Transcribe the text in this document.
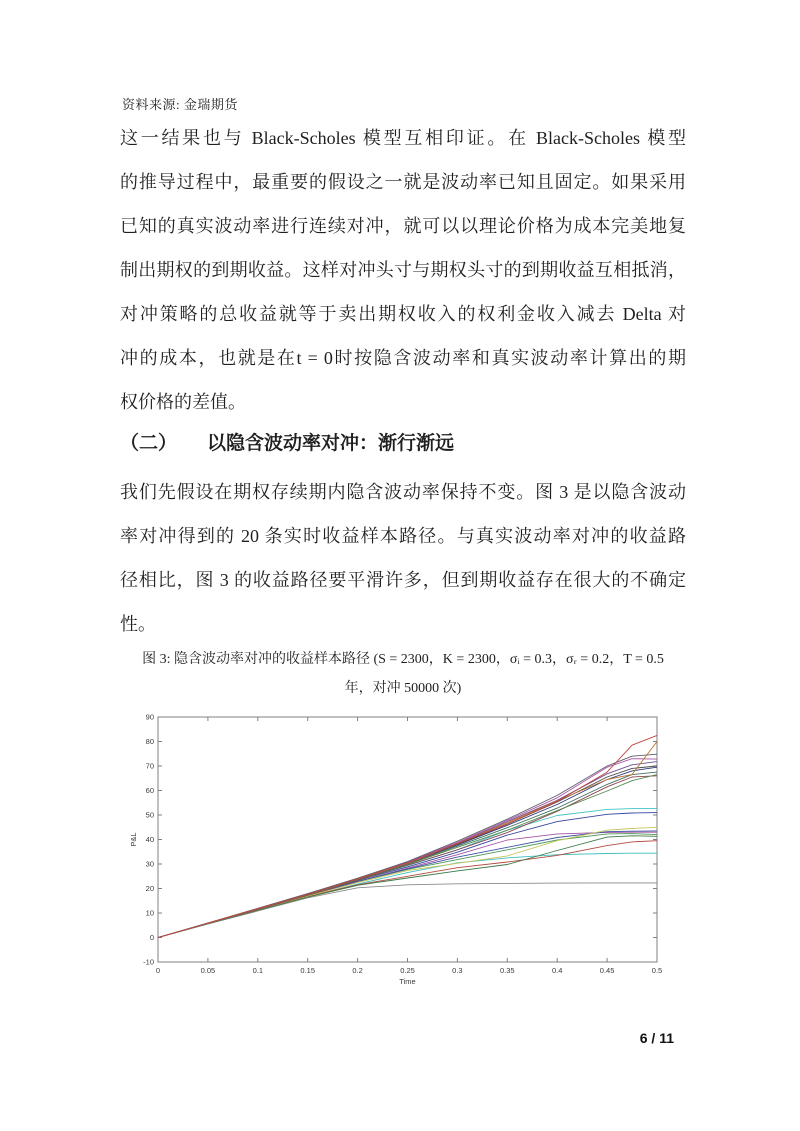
资料来源: 金瑞期货
这一结果也与 Black-Scholes 模型互相印证。在 Black-Scholes 模型
的推导过程中，最重要的假设之一就是波动率已知且固定。如果采用
已知的真实波动率进行连续对冲，就可以以理论价格为成本完美地复
制出期权的到期收益。这样对冲头寸与期权头寸的到期收益互相抵消，
对冲策略的总收益就等于卖出期权收入的权利金收入减去 Delta 对
冲的成本，也就是在t = 0时按隐含波动率和真实波动率计算出的期
权价格的差值。
（二） 以隐含波动率对冲：渐行渐远
我们先假设在期权存续期内隐含波动率保持不变。图 3 是以隐含波动
率对冲得到的 20 条实时收益样本路径。与真实波动率对冲的收益路
径相比，图 3 的收益路径要平滑许多，但到期收益存在很大的不确定
性。
图 3: 隐含波动率对冲的收益样本路径 (S = 2300，K = 2300，σᵢ = 0.3，σᵣ = 0.2，T = 0.5
年，对冲 50000 次)
0	0.05	0.1	0.15	0.2	0.25	0.3	0.35	0.4	0.45	0.5
-10
0
10
20
30
40
50
60
70
80
90
Time
P&L
6 / 11
